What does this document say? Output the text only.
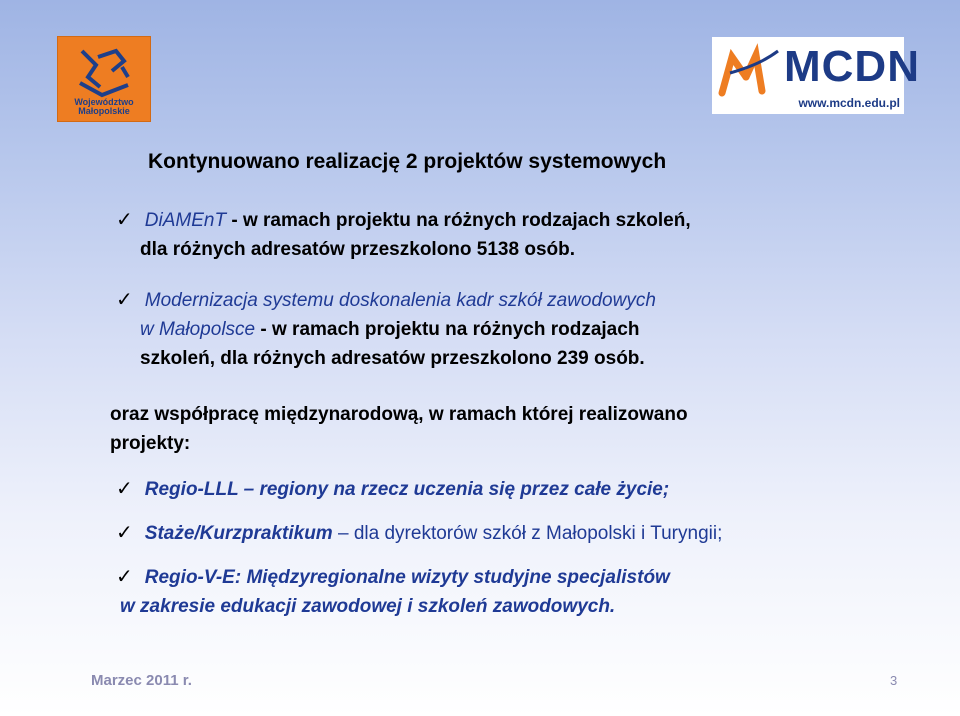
Województwo Małopolskie
MCDN
www.mcdn.edu.pl
Kontynuowano realizację 2 projektów systemowych
✓ DiAMEnT - w ramach projektu na różnych rodzajach szkoleń,
dla różnych adresatów przeszkolono 5138 osób.
✓ Modernizacja systemu doskonalenia kadr szkół zawodowych
w Małopolsce - w ramach projektu na różnych rodzajach
szkoleń, dla różnych adresatów przeszkolono 239 osób.
oraz współpracę międzynarodową, w ramach której realizowano
projekty:
✓ Regio-LLL – regiony na rzecz uczenia się przez całe życie;
✓ Staże/Kurzpraktikum – dla dyrektorów szkół z Małopolski i Turyngii;
✓ Regio-V-E: Międzyregionalne wizyty studyjne specjalistów
w zakresie edukacji zawodowej i szkoleń zawodowych.
Marzec 2011 r.	3
